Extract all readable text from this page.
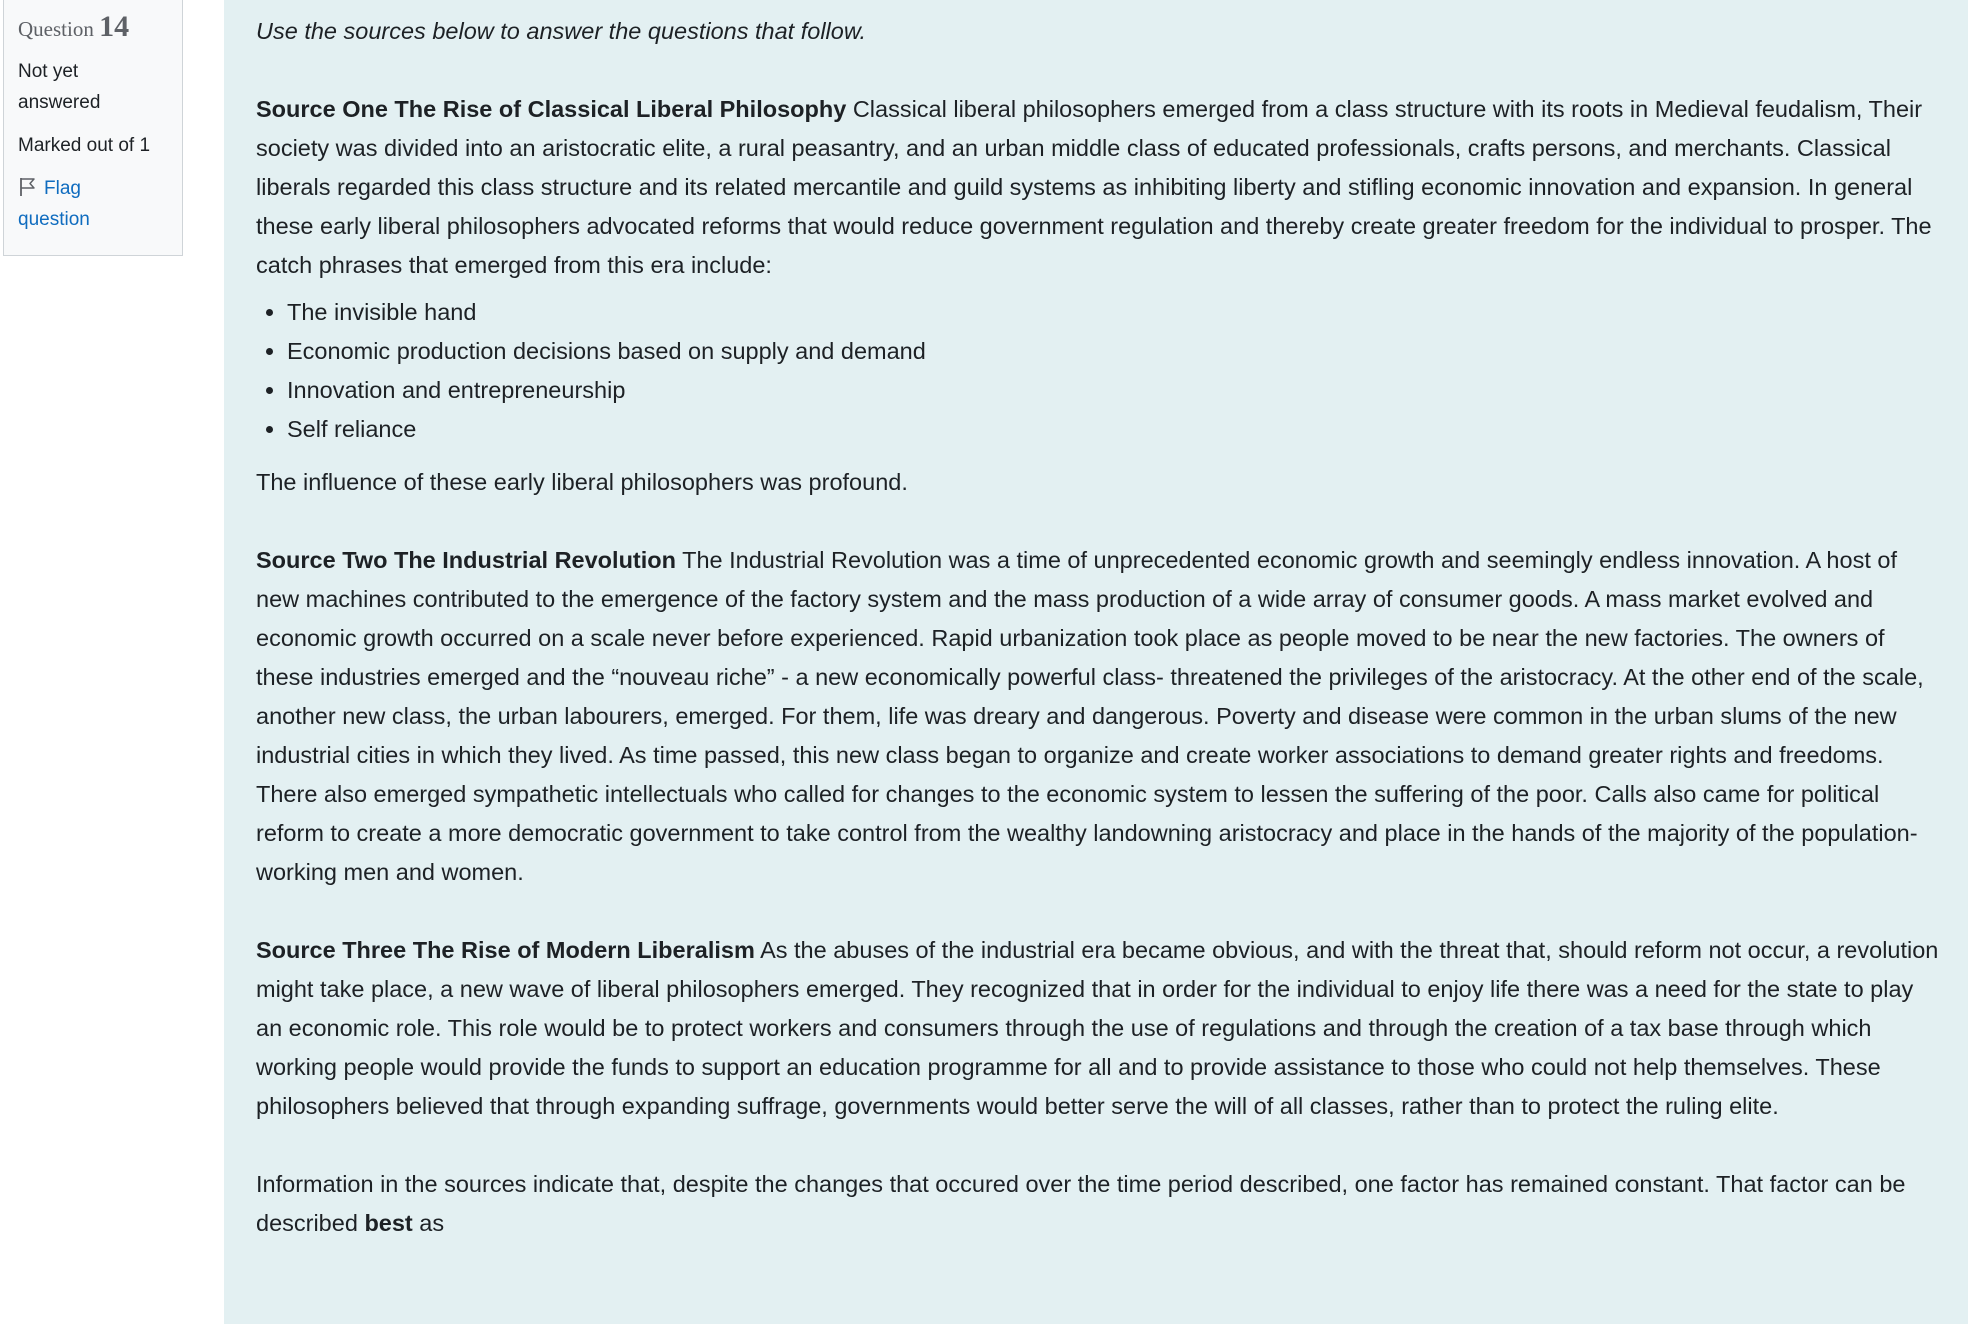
Question 14
Not yet answered
Marked out of 1
Flag question

Use the sources below to answer the questions that follow.

Source One The Rise of Classical Liberal Philosophy Classical liberal philosophers emerged from a class structure with its roots in Medieval feudalism, Their society was divided into an aristocratic elite, a rural peasantry, and an urban middle class of educated professionals, crafts persons, and merchants. Classical liberals regarded this class structure and its related mercantile and guild systems as inhibiting liberty and stifling economic innovation and expansion. In general these early liberal philosophers advocated reforms that would reduce government regulation and thereby create greater freedom for the individual to prosper. The catch phrases that emerged from this era include:

• The invisible hand
• Economic production decisions based on supply and demand
• Innovation and entrepreneurship
• Self reliance

The influence of these early liberal philosophers was profound.

Source Two The Industrial Revolution The Industrial Revolution was a time of unprecedented economic growth and seemingly endless innovation. A host of new machines contributed to the emergence of the factory system and the mass production of a wide array of consumer goods. A mass market evolved and economic growth occurred on a scale never before experienced. Rapid urbanization took place as people moved to be near the new factories. The owners of these industries emerged and the “nouveau riche” - a new economically powerful class- threatened the privileges of the aristocracy. At the other end of the scale, another new class, the urban labourers, emerged. For them, life was dreary and dangerous. Poverty and disease were common in the urban slums of the new industrial cities in which they lived. As time passed, this new class began to organize and create worker associations to demand greater rights and freedoms. There also emerged sympathetic intellectuals who called for changes to the economic system to lessen the suffering of the poor. Calls also came for political reform to create a more democratic government to take control from the wealthy landowning aristocracy and place in the hands of the majority of the population-working men and women.

Source Three The Rise of Modern Liberalism As the abuses of the industrial era became obvious, and with the threat that, should reform not occur, a revolution might take place, a new wave of liberal philosophers emerged. They recognized that in order for the individual to enjoy life there was a need for the state to play an economic role. This role would be to protect workers and consumers through the use of regulations and through the creation of a tax base through which working people would provide the funds to support an education programme for all and to provide assistance to those who could not help themselves. These philosophers believed that through expanding suffrage, governments would better serve the will of all classes, rather than to protect the ruling elite.

Information in the sources indicate that, despite the changes that occured over the time period described, one factor has remained constant. That factor can be described best as
